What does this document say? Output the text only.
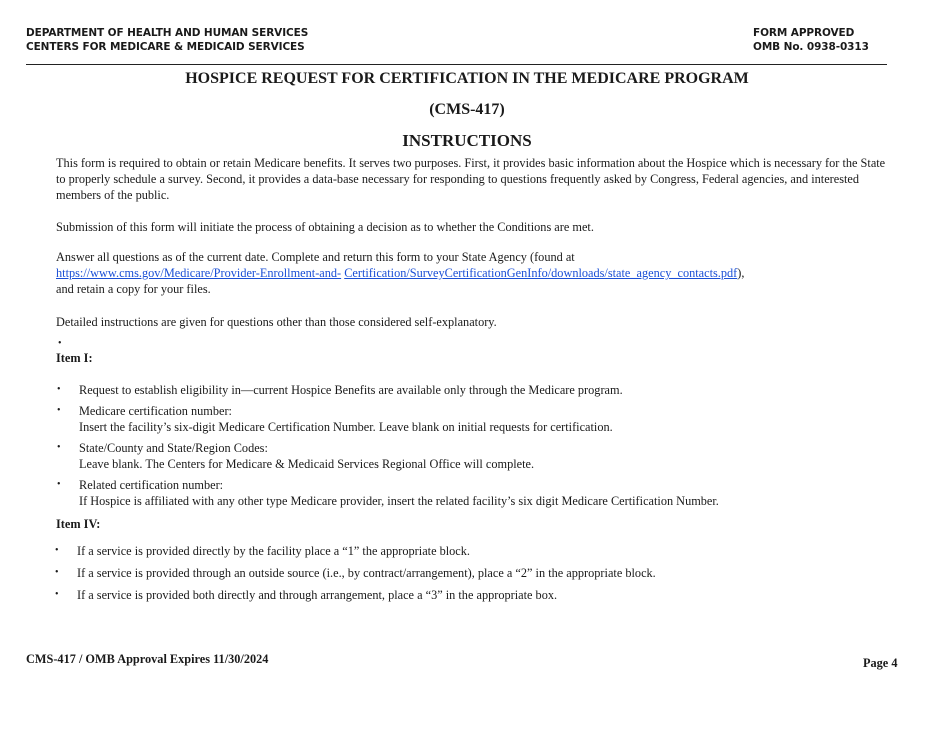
DEPARTMENT OF HEALTH AND HUMAN SERVICES
CENTERS FOR MEDICARE & MEDICAID SERVICES
FORM APPROVED
OMB No. 0938-0313
HOSPICE REQUEST FOR CERTIFICATION IN THE MEDICARE PROGRAM
(CMS-417)
INSTRUCTIONS

This form is required to obtain or retain Medicare benefits. It serves two purposes. First, it provides basic information about the Hospice which is necessary for the State to properly schedule a survey. Second, it provides a data-base necessary for responding to questions frequently asked by Congress, Federal agencies, and interested members of the public.

Submission of this form will initiate the process of obtaining a decision as to whether the Conditions are met.

Answer all questions as of the current date. Complete and return this form to your State Agency (found at
https://www.cms.gov/Medicare/Provider-Enrollment-and- Certification/SurveyCertificationGenInfo/downloads/state_agency_contacts.pdf),
and retain a copy for your files.

Detailed instructions are given for questions other than those considered self-explanatory.

•

Item I:

• Request to establish eligibility in—current Hospice Benefits are available only through the Medicare program.
• Medicare certification number:
Insert the facility’s six-digit Medicare Certification Number. Leave blank on initial requests for certification.
• State/County and State/Region Codes:
Leave blank. The Centers for Medicare & Medicaid Services Regional Office will complete.
• Related certification number:
If Hospice is affiliated with any other type Medicare provider, insert the related facility’s six digit Medicare Certification Number.

Item IV:

• If a service is provided directly by the facility place a “1” the appropriate block.
• If a service is provided through an outside source (i.e., by contract/arrangement), place a “2” in the appropriate block.
• If a service is provided both directly and through arrangement, place a “3” in the appropriate box.
CMS-417 / OMB Approval Expires 11/30/2024	Page 4
